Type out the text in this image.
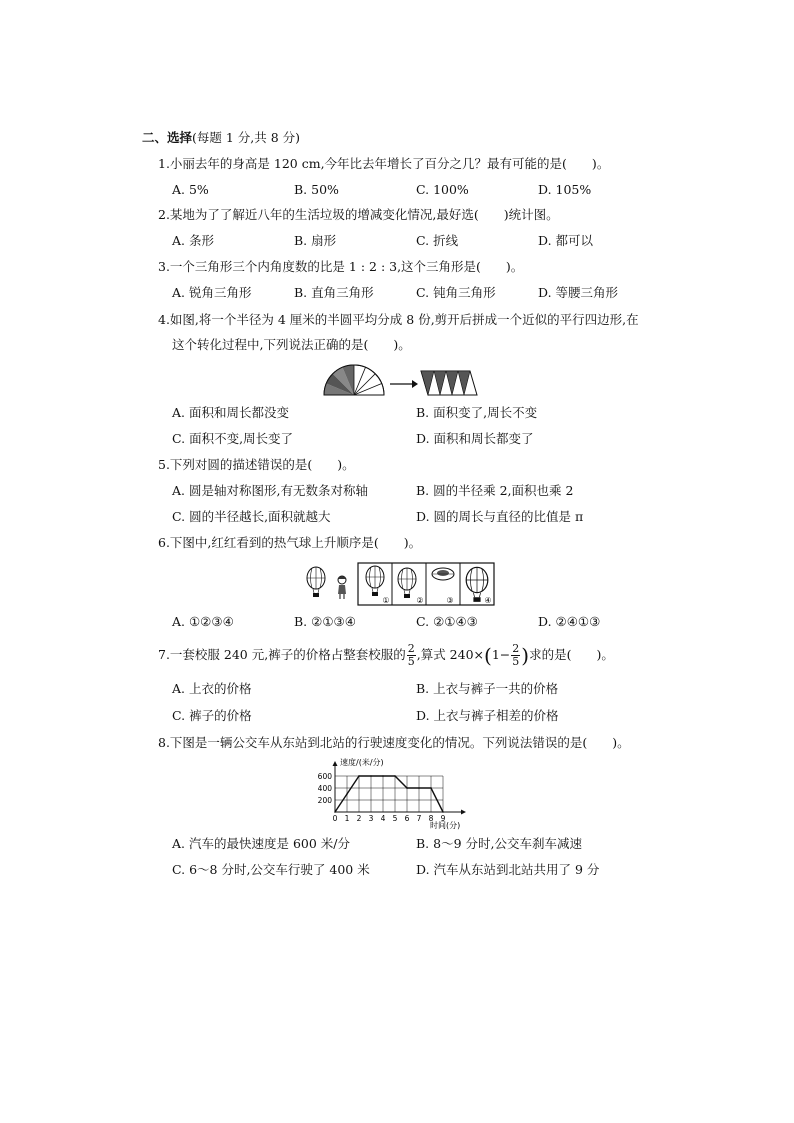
二、选择(每题 1 分,共 8 分)
1.小丽去年的身高是 120 cm,今年比去年增长了百分之几？最有可能的是(　　)。
A. 5%	B. 50%	C. 100%	D. 105%
2.某地为了了解近八年的生活垃圾的增减变化情况,最好选(　　)统计图。
A. 条形	B. 扇形	C. 折线	D. 都可以
3.一个三角形三个内角度数的比是 1 : 2 : 3,这个三角形是(　　)。
A. 锐角三角形	B. 直角三角形	C. 钝角三角形	D. 等腰三角形
4.如图,将一个半径为 4 厘米的半圆平均分成 8 份,剪开后拼成一个近似的平行四边形,在
这个转化过程中,下列说法正确的是(　　)。
A. 面积和周长都没变	B. 面积变了,周长不变
C. 面积不变,周长变了	D. 面积和周长都变了
5.下列对圆的描述错误的是(　　)。
A. 圆是轴对称图形,有无数条对称轴	B. 圆的半径乘 2,面积也乘 2
C. 圆的半径越长,面积就越大	D. 圆的周长与直径的比值是 π
6.下图中,红红看到的热气球上升顺序是(　　)。
①	②	③	④
A. ①②③④	B. ②①③④	C. ②①④③	D. ②④①③
7.一套校服 240 元,裤子的价格占整套校服的 $\frac{2}{5}$ ,算式 $240\times(1- \frac{2}{5}$ )求的是(　　)。
A. 上衣的价格	B. 上衣与裤子一共的价格
C. 裤子的价格	D. 上衣与裤子相差的价格
8.下图是一辆公交车从东站到北站的行驶速度变化的情况。下列说法错误的是(　　)。
速度/(米/分)
时间(分)
0 1 2 3 4 5 6 7 8 9
200
400
600
A. 汽车的最快速度是 600 米/分	B. 8～9 分时,公交车刹车减速
C. 6～8 分时,公交车行驶了 400 米	D. 汽车从东站到北站共用了 9 分
